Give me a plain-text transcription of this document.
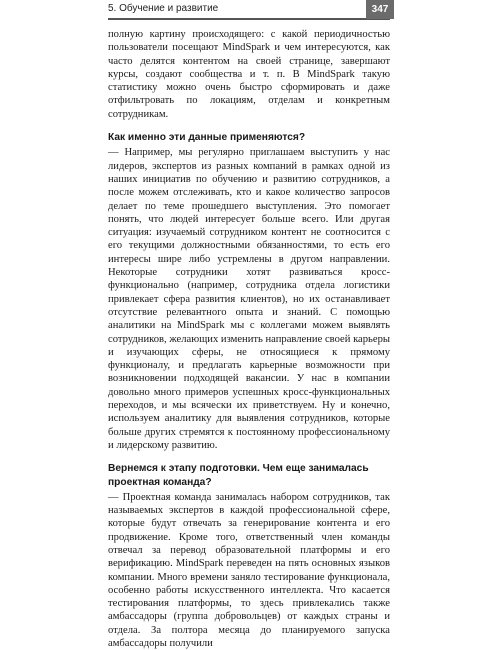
5. Обучение и развитие	347

полную картину происходящего: с какой периодичностью пользователи посещают MindSpark и чем интересуются, как часто делятся контентом на своей странице, завершают курсы, создают сообщества и т. п. В MindSpark такую статистику можно очень быстро сформировать и даже отфильтровать по локациям, отделам и конкретным сотрудникам.

Как именно эти данные применяются?

— Например, мы регулярно приглашаем выступить у нас лидеров, экспертов из разных компаний в рамках одной из наших инициатив по обучению и развитию сотрудников, а после можем отслеживать, кто и какое количество запросов делает по теме прошедшего выступления. Это помогает понять, что людей интересует больше всего. Или другая ситуация: изучаемый сотрудником контент не соотносится с его текущими должностными обязанностями, то есть его интересы шире либо устремлены в другом направлении. Некоторые сотрудники хотят развиваться кросс-функционально (например, сотрудника отдела логистики привлекает сфера развития клиентов), но их останавливает отсутствие релевантного опыта и знаний. С помощью аналитики на MindSpark мы с коллегами можем выявлять сотрудников, желающих изменить направление своей карьеры и изучающих сферы, не относящиеся к прямому функционалу, и предлагать карьерные возможности при возникновении подходящей вакансии. У нас в компании довольно много примеров успешных кросс-функциональных переходов, и мы всячески их приветствуем. Ну и конечно, используем аналитику для выявления сотрудников, которые больше других стремятся к постоянному профессиональному и лидерскому развитию.

Вернемся к этапу подготовки. Чем еще занималась проектная команда?

— Проектная команда занималась набором сотрудников, так называемых экспертов в каждой профессиональной сфере, которые будут отвечать за генерирование контента и его продвижение. Кроме того, ответственный член команды отвечал за перевод образовательной платформы и его верификацию. MindSpark переведен на пять основных языков компании. Много времени заняло тестирование функционала, особенно работы искусственного интеллекта. Что касается тестирования платформы, то здесь привлекались также амбассадоры (группа добровольцев) от каждых страны и отдела. За полтора месяца до планируемого запуска амбассадоры получили
